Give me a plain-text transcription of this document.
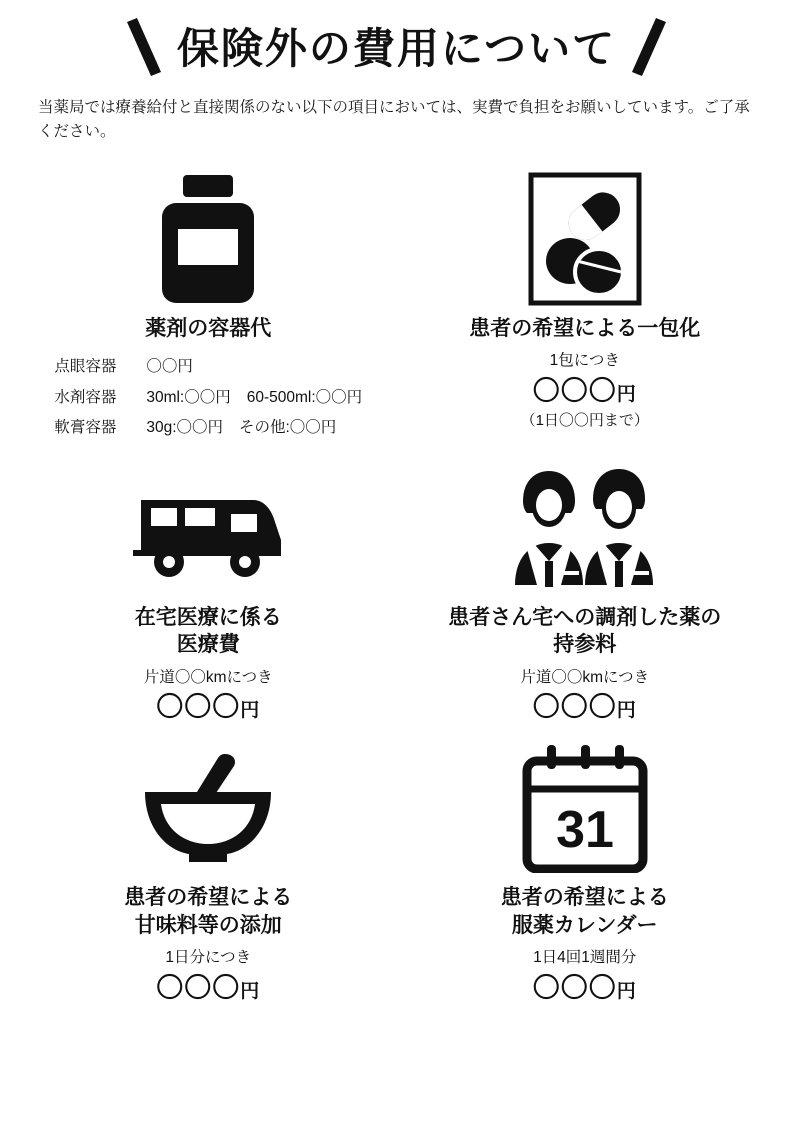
保険外の費用について

当薬局では療養給付と直接関係のない以下の項目においては、実費で負担をお願いしています。ご了承ください。

薬剤の容器代
点眼容器	〇〇円
水剤容器	30ml:〇〇円 60-500ml:〇〇円
軟膏容器	30g:〇〇円 その他:〇〇円
患者の希望による一包化
1包につき
〇〇〇円
（1日〇〇円まで）
在宅医療に係る
医療費
片道〇〇kmにつき
〇〇〇円
患者さん宅への調剤した薬の
持参料
片道〇〇kmにつき
〇〇〇円
患者の希望による
甘味料等の添加
1日分につき
〇〇〇円
31
患者の希望による
服薬カレンダー
1日4回1週間分
〇〇〇円
